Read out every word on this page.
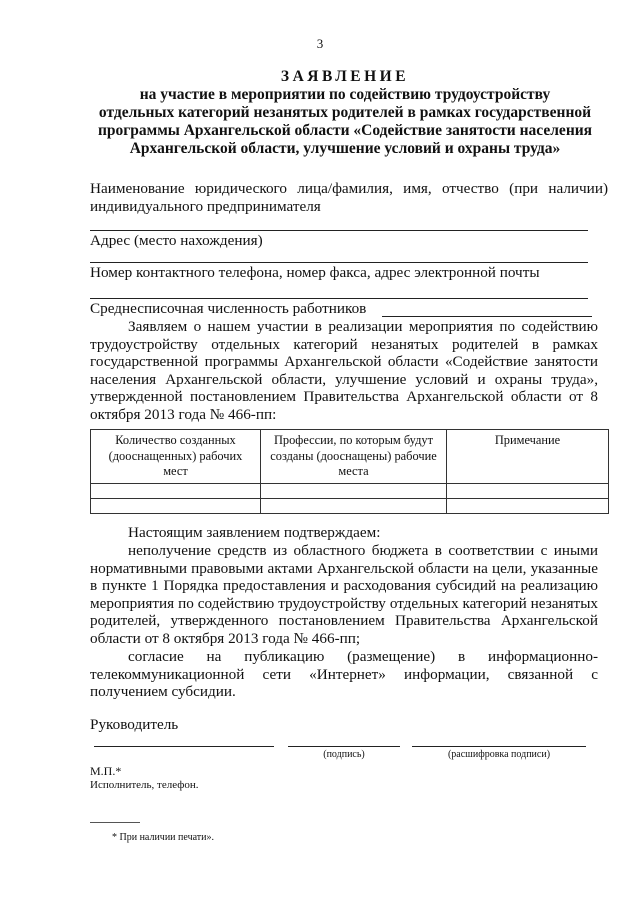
3
ЗАЯВЛЕНИЕ
на участие в мероприятии по содействию трудоустройству
отдельных категорий незанятых родителей в рамках государственной
программы Архангельской области «Содействие занятости населения
Архангельской области, улучшение условий и охраны труда»
Наименование юридического лица/фамилия, имя, отчество (при наличии) индивидуального предпринимателя
Адрес (место нахождения)
Номер контактного телефона, номер факса, адрес электронной почты
Среднесписочная численность работников
Заявляем о нашем участии в реализации мероприятия по содействию трудоустройству отдельных категорий незанятых родителей в рамках государственной программы Архангельской области «Содействие занятости населения Архангельской области, улучшение условий и охраны труда», утвержденной постановлением Правительства Архангельской области от 8 октября 2013 года № 466-пп:
Количество созданных (дооснащенных) рабочих мест	Профессии, по которым будут созданы (дооснащены) рабочие места	Примечание

Настоящим заявлением подтверждаем:
неполучение средств из областного бюджета в соответствии с иными нормативными правовыми актами Архангельской области на цели, указанные в пункте 1 Порядка предоставления и расходования субсидий на реализацию мероприятия по содействию трудоустройству отдельных категорий незанятых родителей, утвержденного постановлением Правительства Архангельской области от 8 октября 2013 года № 466-пп;
согласие на публикацию (размещение) в информационно-телекоммуникационной сети «Интернет» информации, связанной с получением субсидии.
Руководитель
(подпись)	(расшифровка подписи)
М.П.*
Исполнитель, телефон.
* При наличии печати».
